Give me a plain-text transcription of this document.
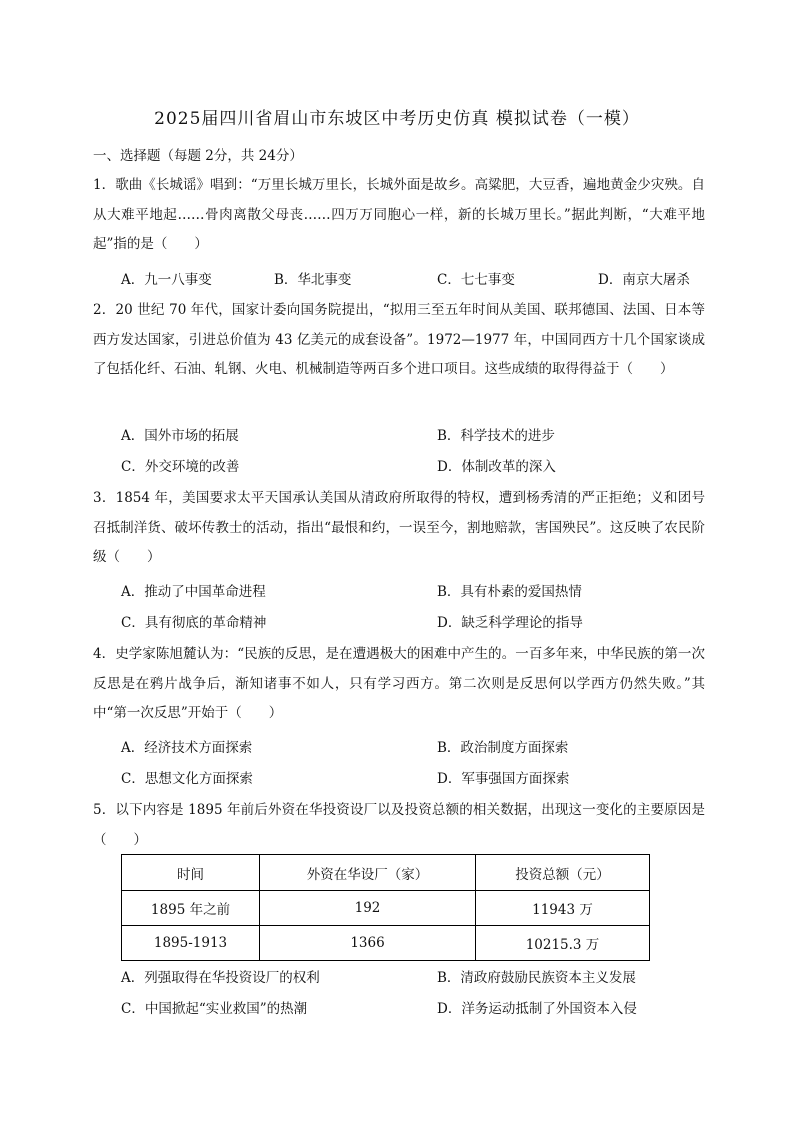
2025届四川省眉山市东坡区中考历史仿真 模拟试卷（一模）
一、选择题（每题 2分，共 24分）
1．歌曲《长城谣》唱到：“万里长城万里长，长城外面是故乡。高粱肥，大豆香，遍地黄金少灾殃。自从大难平地起……骨肉离散父母丧……四万万同胞心一样，新的长城万里长。”据此判断，“大难平地起”指的是（　　）
A．九一八事变	B．华北事变	C．七七事变	D．南京大屠杀
2．20 世纪 70 年代，国家计委向国务院提出，“拟用三至五年时间从美国、联邦德国、法国、日本等西方发达国家，引进总价值为 43 亿美元的成套设备”。1972—1977 年，中国同西方十几个国家谈成了包括化纤、石油、轧钢、火电、机械制造等两百多个进口项目。这些成绩的取得得益于（　　）
A．国外市场的拓展	B．科学技术的进步
C．外交环境的改善	D．体制改革的深入
3．1854 年，美国要求太平天国承认美国从清政府所取得的特权，遭到杨秀清的严正拒绝；义和团号召抵制洋货、破坏传教士的活动，指出“最恨和约，一误至今，割地赔款，害国殃民”。这反映了农民阶级（　　）
A．推动了中国革命进程	B．具有朴素的爱国热情
C．具有彻底的革命精神	D．缺乏科学理论的指导
4．史学家陈旭麓认为：“民族的反思，是在遭遇极大的困难中产生的。一百多年来，中华民族的第一次反思是在鸦片战争后，渐知诸事不如人，只有学习西方。第二次则是反思何以学西方仍然失败。”其中“第一次反思”开始于（　　）
A．经济技术方面探索	B．政治制度方面探索
C．思想文化方面探索	D．军事强国方面探索
5．以下内容是 1895 年前后外资在华投资设厂以及投资总额的相关数据，出现这一变化的主要原因是（　　）
时间	外资在华设厂（家）	投资总额（元）
1895 年之前	192	11943 万
1895-1913	1366	10215.3 万
A．列强取得在华投资设厂的权利	B．清政府鼓励民族资本主义发展
C．中国掀起“实业救国”的热潮	D．洋务运动抵制了外国资本入侵
